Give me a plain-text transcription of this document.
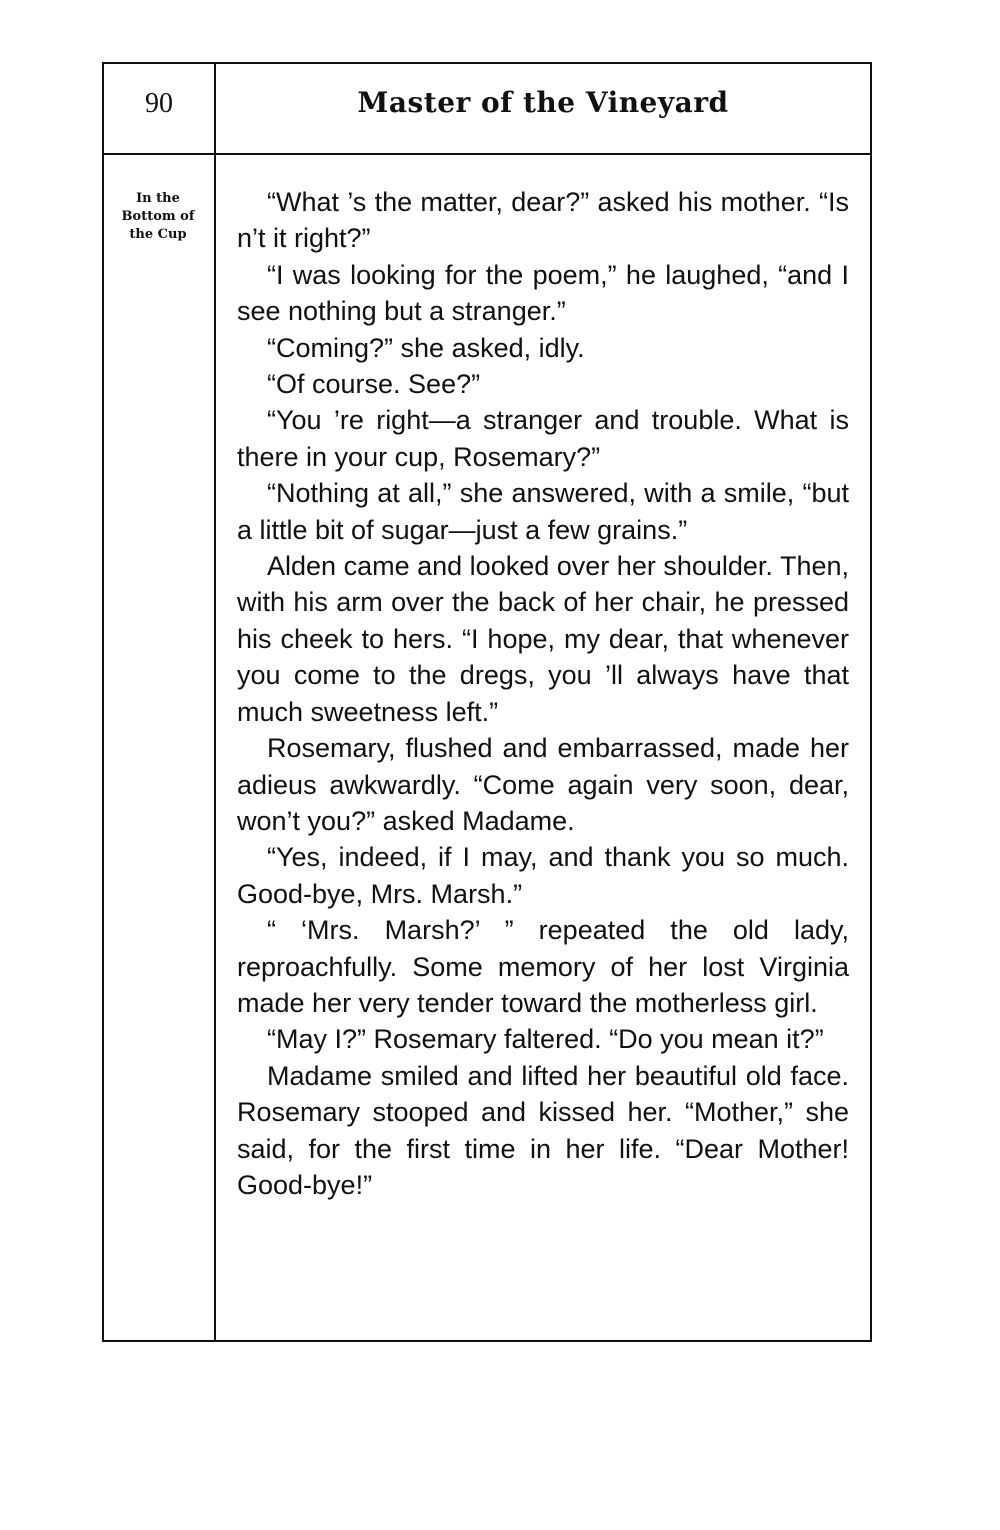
90	Master of the Vineyard
In the
Bottom of
the Cup

“What ’s the matter, dear?” asked his mother. “Is n’t it right?”

“I was looking for the poem,” he laughed, “and I see nothing but a stranger.”

“Coming?” she asked, idly.

“Of course. See?”

“You ’re right—a stranger and trouble. What is there in your cup, Rosemary?”

“Nothing at all,” she answered, with a smile, “but a little bit of sugar—just a few grains.”

Alden came and looked over her shoulder. Then, with his arm over the back of her chair, he pressed his cheek to hers. “I hope, my dear, that whenever you come to the dregs, you ’ll always have that much sweetness left.”

Rosemary, flushed and embarrassed, made her adieus awkwardly. “Come again very soon, dear, won’t you?” asked Madame.

“Yes, indeed, if I may, and thank you so much. Good-bye, Mrs. Marsh.”

“ ‘Mrs. Marsh?’ ” repeated the old lady, reproachfully. Some memory of her lost Virginia made her very tender toward the motherless girl.

“May I?” Rosemary faltered. “Do you mean it?”

Madame smiled and lifted her beautiful old face. Rosemary stooped and kissed her. “Mother,” she said, for the first time in her life. “Dear Mother! Good-bye!”
